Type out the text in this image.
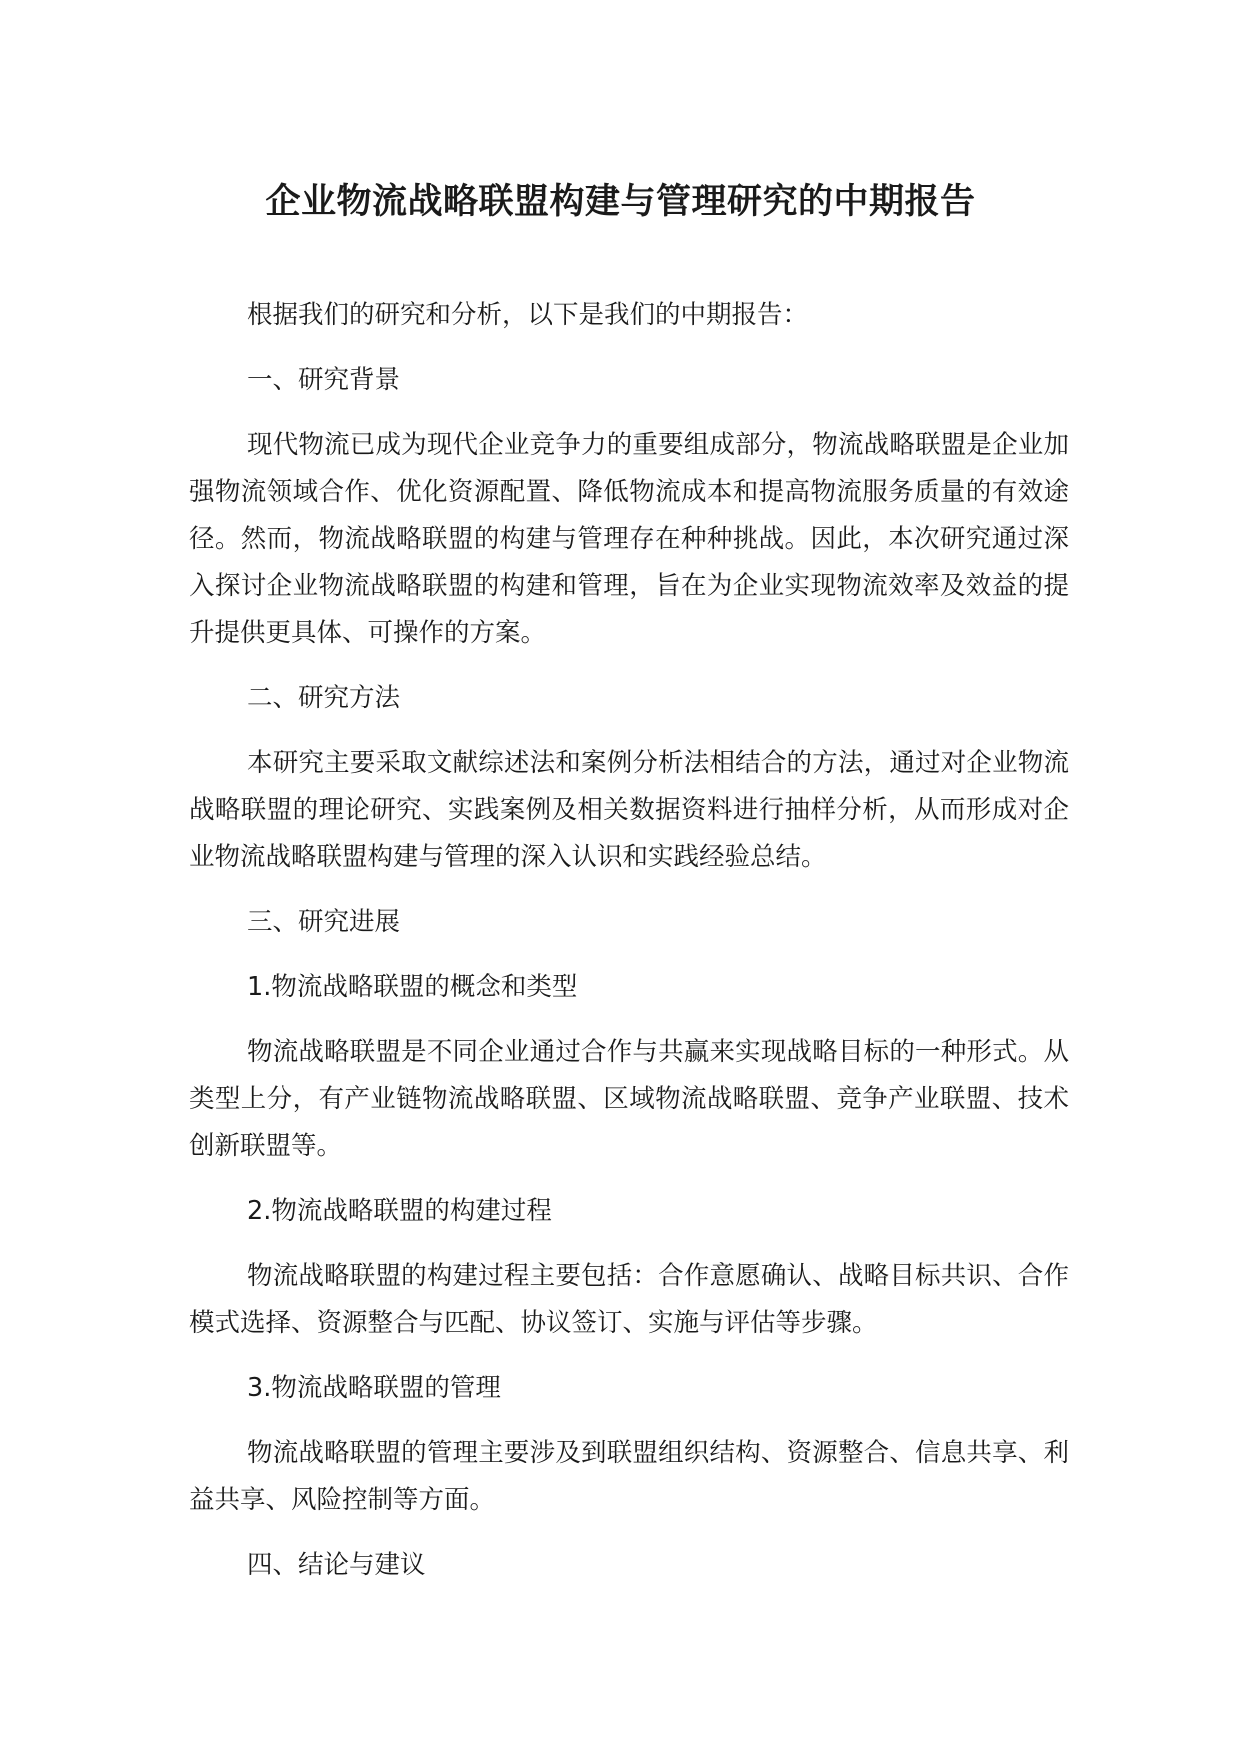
企业物流战略联盟构建与管理研究的中期报告

根据我们的研究和分析，以下是我们的中期报告：

一、研究背景

现代物流已成为现代企业竞争力的重要组成部分，物流战略联盟是企业加强物流领域合作、优化资源配置、降低物流成本和提高物流服务质量的有效途径。然而，物流战略联盟的构建与管理存在种种挑战。因此，本次研究通过深入探讨企业物流战略联盟的构建和管理，旨在为企业实现物流效率及效益的提升提供更具体、可操作的方案。

二、研究方法

本研究主要采取文献综述法和案例分析法相结合的方法，通过对企业物流战略联盟的理论研究、实践案例及相关数据资料进行抽样分析，从而形成对企业物流战略联盟构建与管理的深入认识和实践经验总结。

三、研究进展

1.物流战略联盟的概念和类型

物流战略联盟是不同企业通过合作与共赢来实现战略目标的一种形式。从类型上分，有产业链物流战略联盟、区域物流战略联盟、竞争产业联盟、技术创新联盟等。

2.物流战略联盟的构建过程

物流战略联盟的构建过程主要包括：合作意愿确认、战略目标共识、合作模式选择、资源整合与匹配、协议签订、实施与评估等步骤。

3.物流战略联盟的管理

物流战略联盟的管理主要涉及到联盟组织结构、资源整合、信息共享、利益共享、风险控制等方面。

四、结论与建议
